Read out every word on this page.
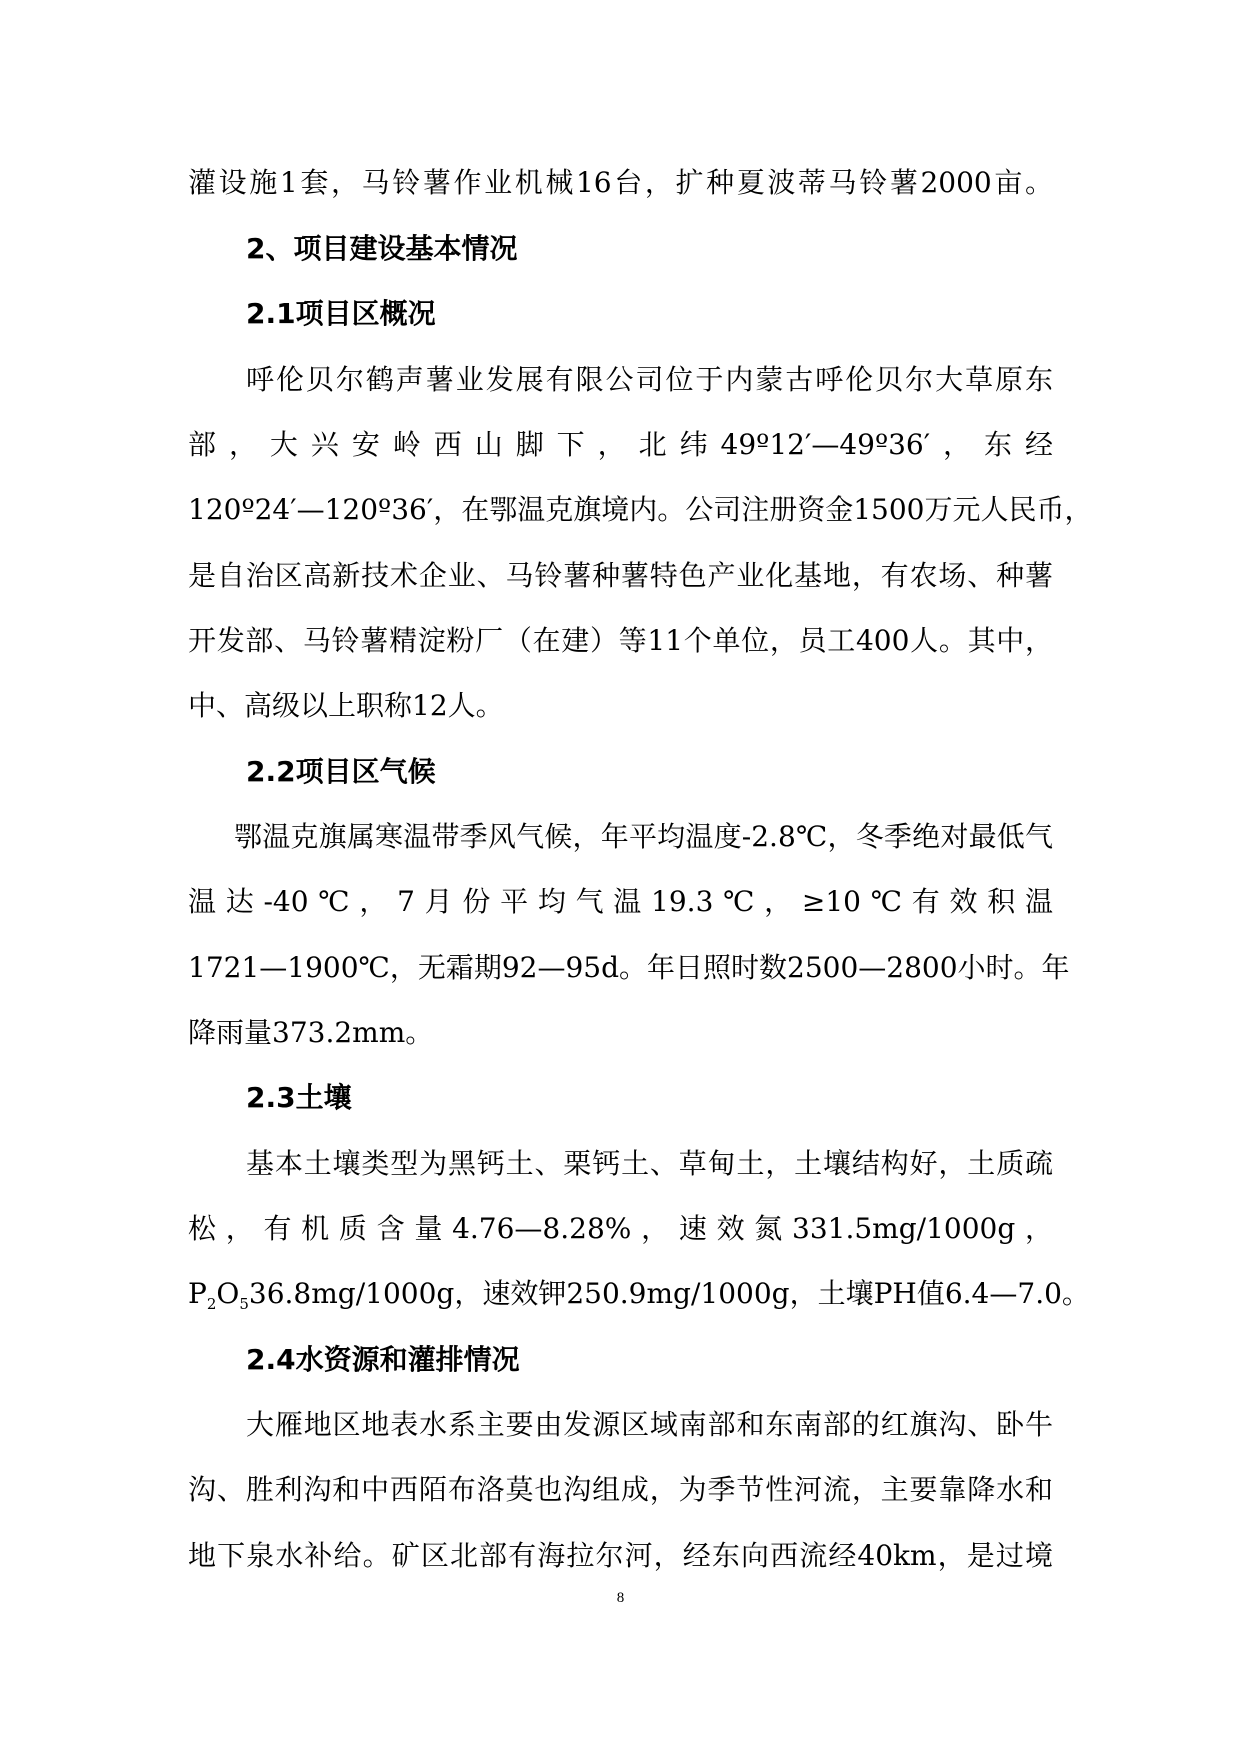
灌设施1套，马铃薯作业机械16台，扩种夏波蒂马铃薯2000亩。
2、项目建设基本情况
2.1项目区概况
呼伦贝尔鹤声薯业发展有限公司位于内蒙古呼伦贝尔大草原东
部，大兴安岭西山脚下，北纬49º12′—49º36′，东经
120º24′—120º36′，在鄂温克旗境内。公司注册资金1500万元人民币，
是自治区高新技术企业、马铃薯种薯特色产业化基地，有农场、种薯
开发部、马铃薯精淀粉厂（在建）等11个单位，员工400人。其中，
中、高级以上职称12人。
2.2项目区气候
鄂温克旗属寒温带季风气候，年平均温度-2.8℃，冬季绝对最低气
温达-40℃，7月份平均气温19.3℃，≥10℃有效积温
1721—1900℃，无霜期92—95d。年日照时数2500—2800小时。年
降雨量373.2mm。
2.3土壤
基本土壤类型为黑钙土、栗钙土、草甸土，土壤结构好，土质疏
松，有机质含量4.76—8.28%，速效氮331.5mg/1000g，
$P_2O_536.8mg/1000g$，速效钾250.9mg/1000g，土壤PH值6.4—7.0。
2.4水资源和灌排情况
大雁地区地表水系主要由发源区域南部和东南部的红旗沟、卧牛
沟、胜利沟和中西陌布洛莫也沟组成，为季节性河流，主要靠降水和
地下泉水补给。矿区北部有海拉尔河，经东向西流经40km，是过境
8
